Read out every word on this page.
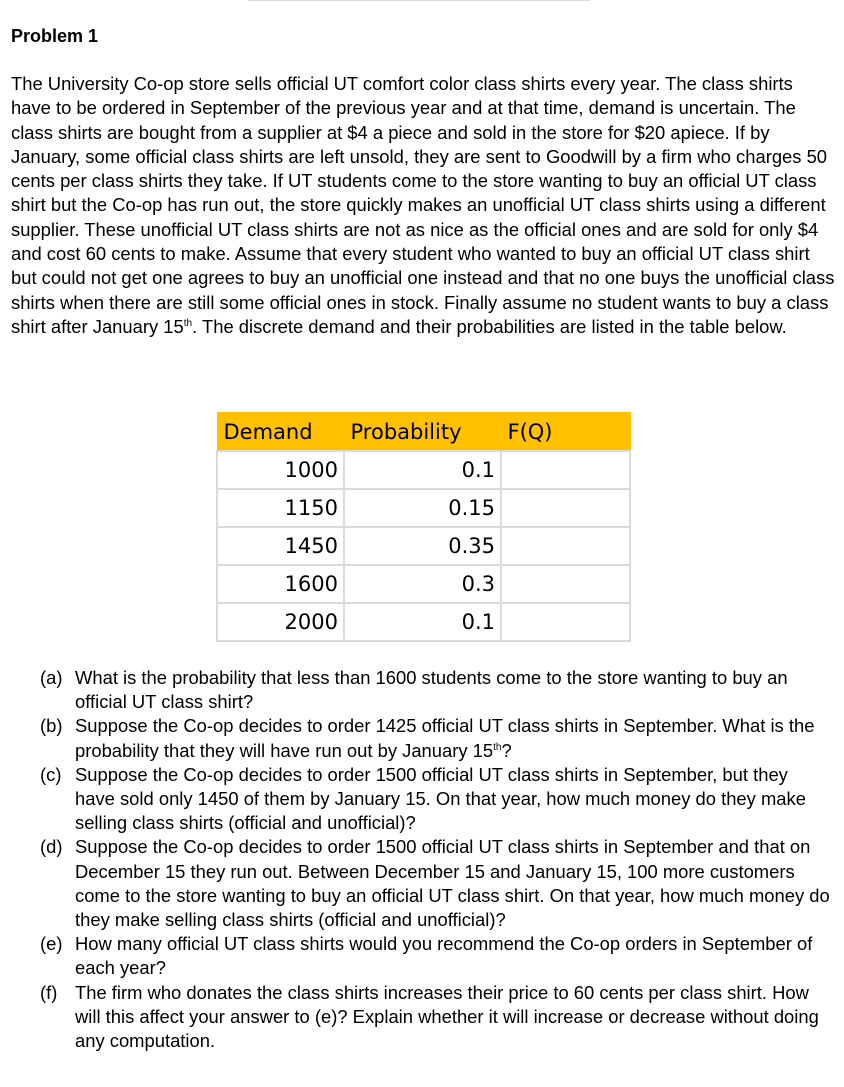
Problem 1

The University Co-op store sells official UT comfort color class shirts every year. The class shirts have to be ordered in September of the previous year and at that time, demand is uncertain. The class shirts are bought from a supplier at $4 a piece and sold in the store for $20 apiece. If by January, some official class shirts are left unsold, they are sent to Goodwill by a firm who charges 50 cents per class shirts they take. If UT students come to the store wanting to buy an official UT class shirt but the Co-op has run out, the store quickly makes an unofficial UT class shirts using a different supplier. These unofficial UT class shirts are not as nice as the official ones and are sold for only $4 and cost 60 cents to make. Assume that every student who wanted to buy an official UT class shirt but could not get one agrees to buy an unofficial one instead and that no one buys the unofficial class shirts when there are still some official ones in stock. Finally assume no student wants to buy a class shirt after January 15th. The discrete demand and their probabilities are listed in the table below.

Demand	Probability	F(Q)
1000	0.1	
1150	0.15	
1450	0.35	
1600	0.3	
2000	0.1	
(a) What is the probability that less than 1600 students come to the store wanting to buy an official UT class shirt?
(b) Suppose the Co-op decides to order 1425 official UT class shirts in September. What is the probability that they will have run out by January 15th?
(c) Suppose the Co-op decides to order 1500 official UT class shirts in September, but they have sold only 1450 of them by January 15. On that year, how much money do they make selling class shirts (official and unofficial)?
(d) Suppose the Co-op decides to order 1500 official UT class shirts in September and that on December 15 they run out. Between December 15 and January 15, 100 more customers come to the store wanting to buy an official UT class shirt. On that year, how much money do they make selling class shirts (official and unofficial)?
(e) How many official UT class shirts would you recommend the Co-op orders in September of each year?
(f) The firm who donates the class shirts increases their price to 60 cents per class shirt. How will this affect your answer to (e)? Explain whether it will increase or decrease without doing any computation.
